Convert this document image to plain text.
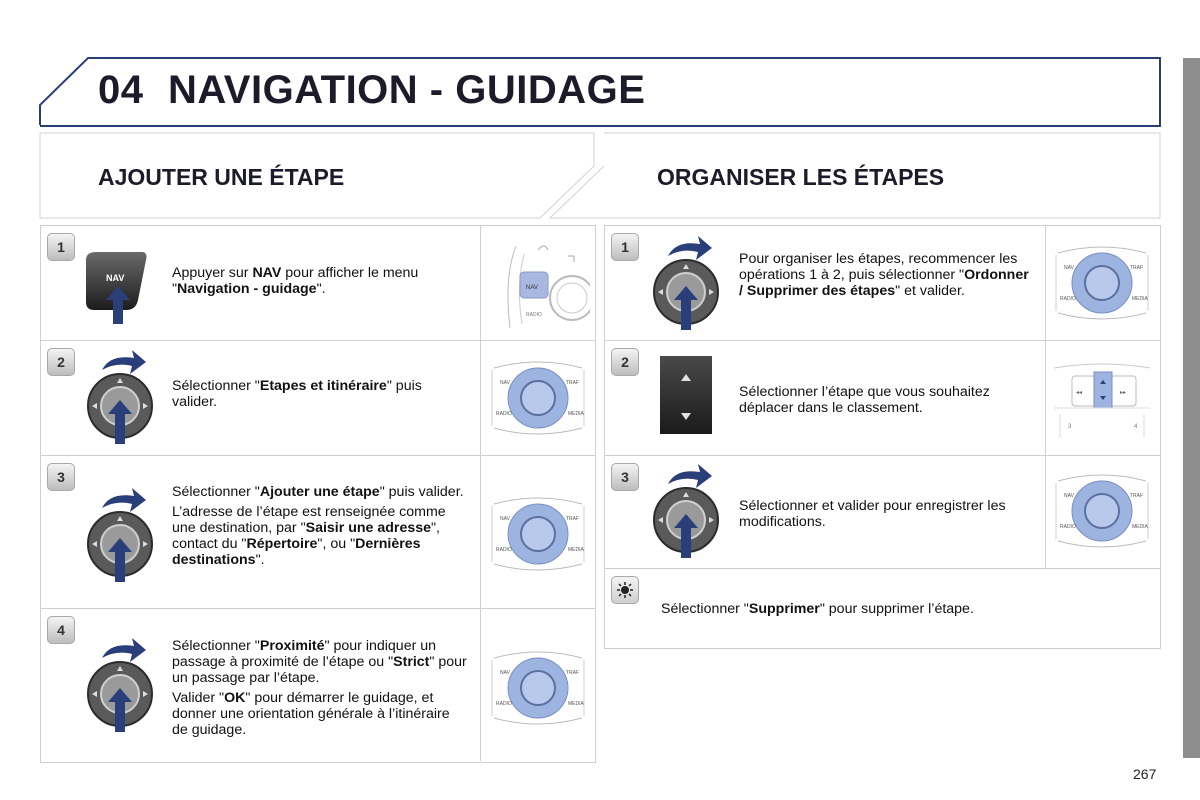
04 NAVIGATION - GUIDAGE
AJOUTER UNE ÉTAPE	ORGANISER LES ÉTAPES
1
NAV	Appuyer sur NAV pour afficher le menu "Navigation - guidage".	NAV
RADIO
2

Sélectionner "Etapes et itinéraire" puis valider.

NAV	TRAF
RADIO	MEDIA
3

Sélectionner "Ajouter une étape" puis valider.

L’adresse de l’étape est renseignée comme une destination, par "Saisir une adresse", contact du "Répertoire", ou "Dernières destinations".

NAV	TRAF
RADIO	MEDIA
4

Sélectionner "Proximité" pour indiquer un passage à proximité de l’étape ou "Strict" pour un passage par l’étape.

Valider "OK" pour démarrer le guidage, et donner une orientation générale à l’itinéraire de guidage.

NAV	TRAF
RADIO	MEDIA
1

Pour organiser les étapes, recommencer les opérations 1 à 2, puis sélectionner "Ordonner / Supprimer des étapes" et valider.

NAV	TRAF
RADIO	MEDIA
2

Sélectionner l’étape que vous souhaitez déplacer dans le classement.

◂◂	▸▸
3	4
3

Sélectionner et valider pour enregistrer les modifications.

NAV	TRAF
RADIO	MEDIA

Sélectionner "Supprimer" pour supprimer l’étape.

267
